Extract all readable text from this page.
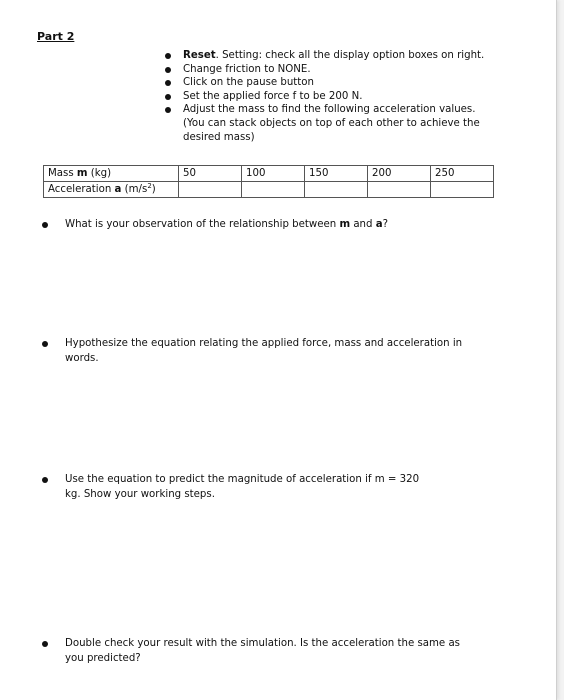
Part 2
Reset. Setting: check all the display option boxes on right.
Change friction to NONE.
Click on the pause button
Set the applied force f to be 200 N.
Adjust the mass to find the following acceleration values.
(You can stack objects on top of each other to achieve the
desired mass)
Mass m (kg)	50	100	150	200	250
Acceleration a $(m/s^2)$					
What is your observation of the relationship between m and a?
Hypothesize the equation relating the applied force, mass and acceleration in
words.
Use the equation to predict the magnitude of acceleration if m = 320
kg. Show your working steps.
Double check your result with the simulation. Is the acceleration the same as
you predicted?
